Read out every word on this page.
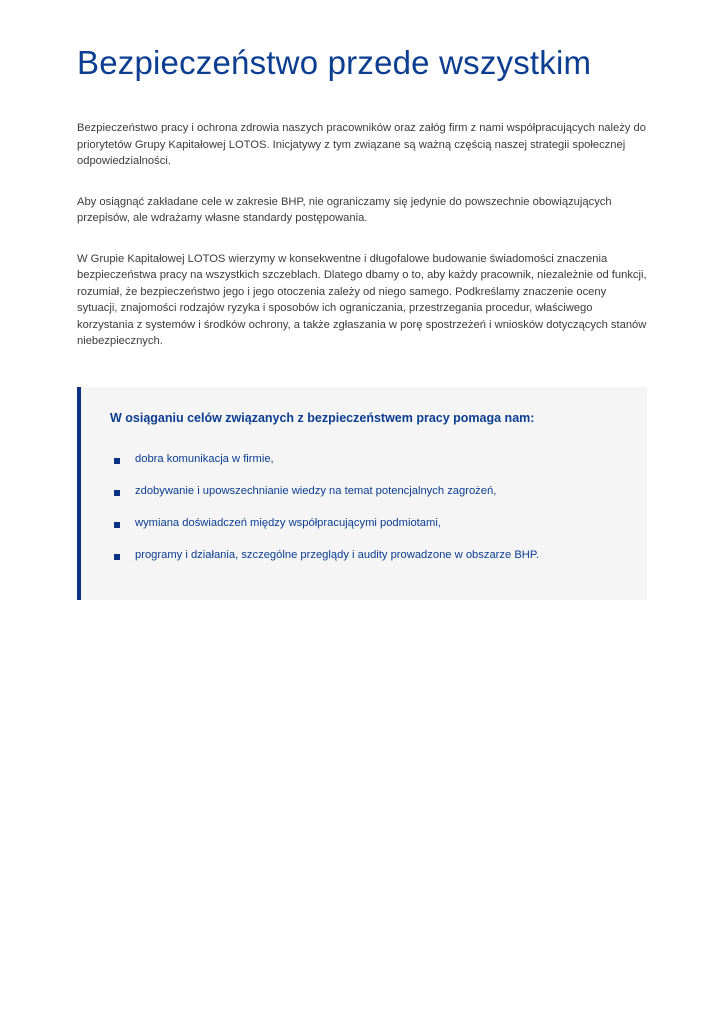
Bezpieczeństwo przede wszystkim

Bezpieczeństwo pracy i ochrona zdrowia naszych pracowników oraz załóg firm z nami współpracujących należy do priorytetów Grupy Kapitałowej LOTOS. Inicjatywy z tym związane są ważną częścią naszej strategii społecznej odpowiedzialności.

Aby osiągnąć zakładane cele w zakresie BHP, nie ograniczamy się jedynie do powszechnie obowiązujących przepisów, ale wdrażamy własne standardy postępowania.

W Grupie Kapitałowej LOTOS wierzymy w konsekwentne i długofalowe budowanie świadomości znaczenia bezpieczeństwa pracy na wszystkich szczeblach. Dlatego dbamy o to, aby każdy pracownik, niezależnie od funkcji, rozumiał, że bezpieczeństwo jego i jego otoczenia zależy od niego samego. Podkreślamy znaczenie oceny sytuacji, znajomości rodzajów ryzyka i sposobów ich ograniczania, przestrzegania procedur, właściwego korzystania z systemów i środków ochrony, a także zgłaszania w porę spostrzeżeń i wniosków dotyczących stanów niebezpiecznych.

W osiąganiu celów związanych z bezpieczeństwem pracy pomaga nam:
dobra komunikacja w firmie,
zdobywanie i upowszechnianie wiedzy na temat potencjalnych zagrożeń,
wymiana doświadczeń między współpracującymi podmiotami,
programy i działania, szczególne przeglądy i audity prowadzone w obszarze BHP.
